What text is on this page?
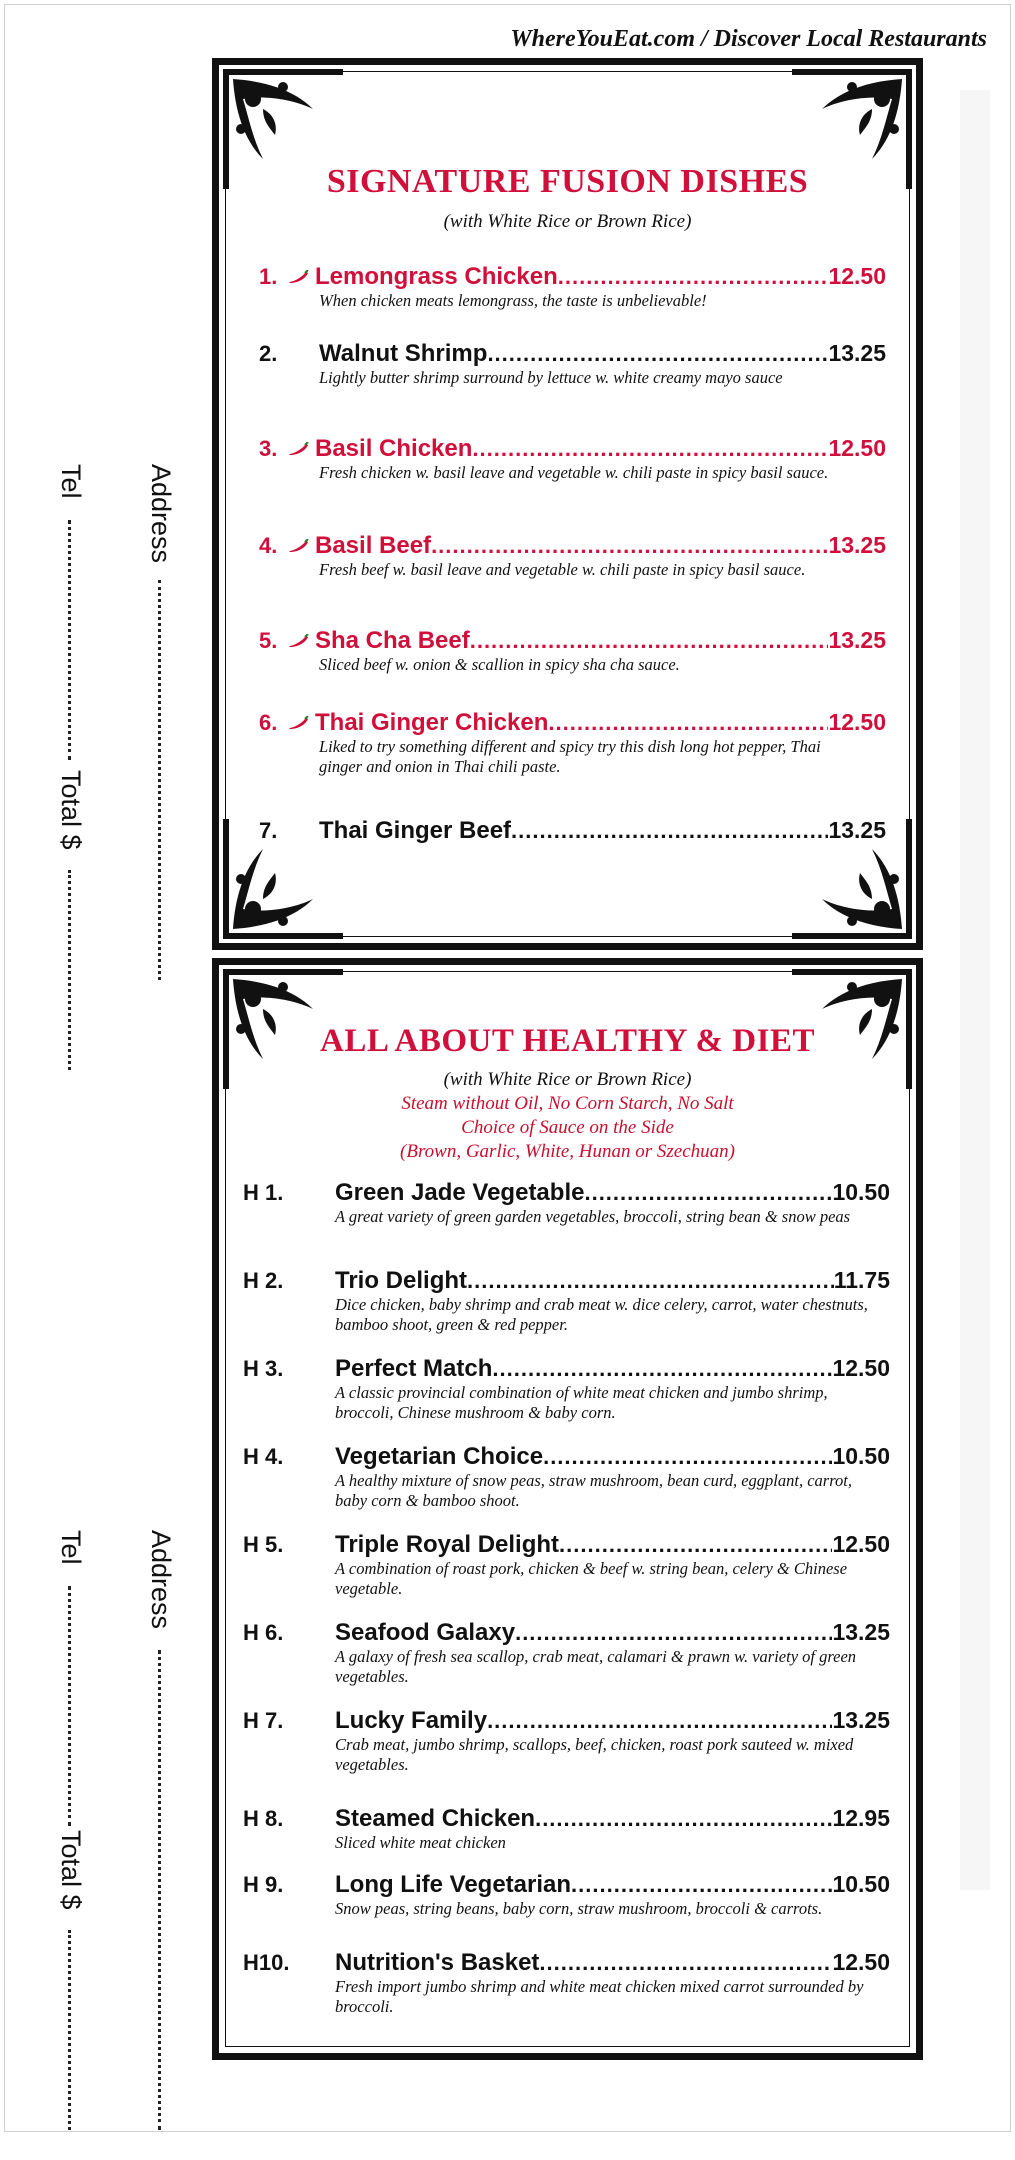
WhereYouEat.com / Discover Local Restaurants
Address
Tel
Total $
Address
Tel
Total $
SIGNATURE FUSION DISHES
(with White Rice or Brown Rice)
1. Lemongrass Chicken .....	12.50
When chicken meats lemongrass, the taste is unbelievable!
2.	Walnut Shrimp .....	13.25
Lightly butter shrimp surround by lettuce w. white creamy mayo sauce
3. Basil Chicken .....	12.50
Fresh chicken w. basil leave and vegetable w. chili paste in spicy basil sauce.
4. Basil Beef .....	13.25
Fresh beef w. basil leave and vegetable w. chili paste in spicy basil sauce.
5. Sha Cha Beef .....	13.25
Sliced beef w. onion & scallion in spicy sha cha sauce.
6. Thai Ginger Chicken .....	12.50
Liked to try something different and spicy try this dish long hot pepper, Thai ginger and onion in Thai chili paste.
7.	Thai Ginger Beef .....	13.25
ALL ABOUT HEALTHY & DIET
(with White Rice or Brown Rice)
Steam without Oil, No Corn Starch, No Salt
Choice of Sauce on the Side
(Brown, Garlic, White, Hunan or Szechuan)
H 1.	Green Jade Vegetable .....	10.50
A great variety of green garden vegetables, broccoli, string bean & snow peas
H 2.	Trio Delight .....	11.75
Dice chicken, baby shrimp and crab meat w. dice celery, carrot, water chestnuts, bamboo shoot, green & red pepper.
H 3.	Perfect Match .....	12.50
A classic provincial combination of white meat chicken and jumbo shrimp, broccoli, Chinese mushroom & baby corn.
H 4.	Vegetarian Choice .....	10.50
A healthy mixture of snow peas, straw mushroom, bean curd, eggplant, carrot, baby corn & bamboo shoot.
H 5.	Triple Royal Delight .....	12.50
A combination of roast pork, chicken & beef w. string bean, celery & Chinese vegetable.
H 6.	Seafood Galaxy .....	13.25
A galaxy of fresh sea scallop, crab meat, calamari & prawn w. variety of green vegetables.
H 7.	Lucky Family .....	13.25
Crab meat, jumbo shrimp, scallops, beef, chicken, roast pork sauteed w. mixed vegetables.
H 8.	Steamed Chicken .....	12.95
Sliced white meat chicken
H 9.	Long Life Vegetarian .....	10.50
Snow peas, string beans, baby corn, straw mushroom, broccoli & carrots.
H10.	Nutrition's Basket .....	12.50
Fresh import jumbo shrimp and white meat chicken mixed carrot surrounded by broccoli.
